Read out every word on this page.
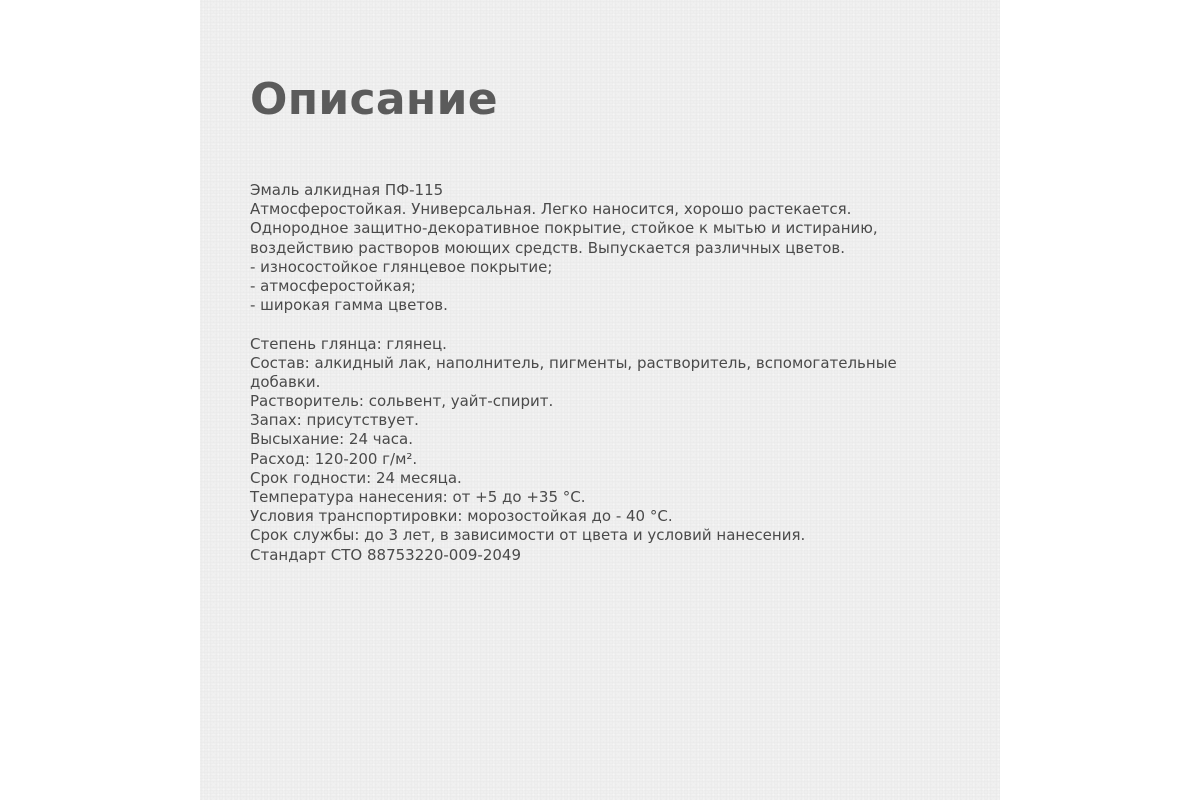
Описание
Эмаль алкидная ПФ-115
Атмосферостойкая. Универсальная. Легко наносится, хорошо растекается.
Однородное защитно-декоративное покрытие, стойкое к мытью и истиранию,
воздействию растворов моющих средств. Выпускается различных цветов.
- износостойкое глянцевое покрытие;
- атмосферостойкая;
- широкая гамма цветов.
Степень глянца: глянец.
Состав: алкидный лак, наполнитель, пигменты, растворитель, вспомогательные
добавки.
Растворитель: сольвент, уайт-спирит.
Запах: присутствует.
Высыхание: 24 часа.
Расход: 120-200 г/м².
Срок годности: 24 месяца.
Температура нанесения: от +5 до +35 °С.
Условия транспортировки: морозостойкая до - 40 °С.
Срок службы: до 3 лет, в зависимости от цвета и условий нанесения.
Стандарт СТО 88753220-009-2049
